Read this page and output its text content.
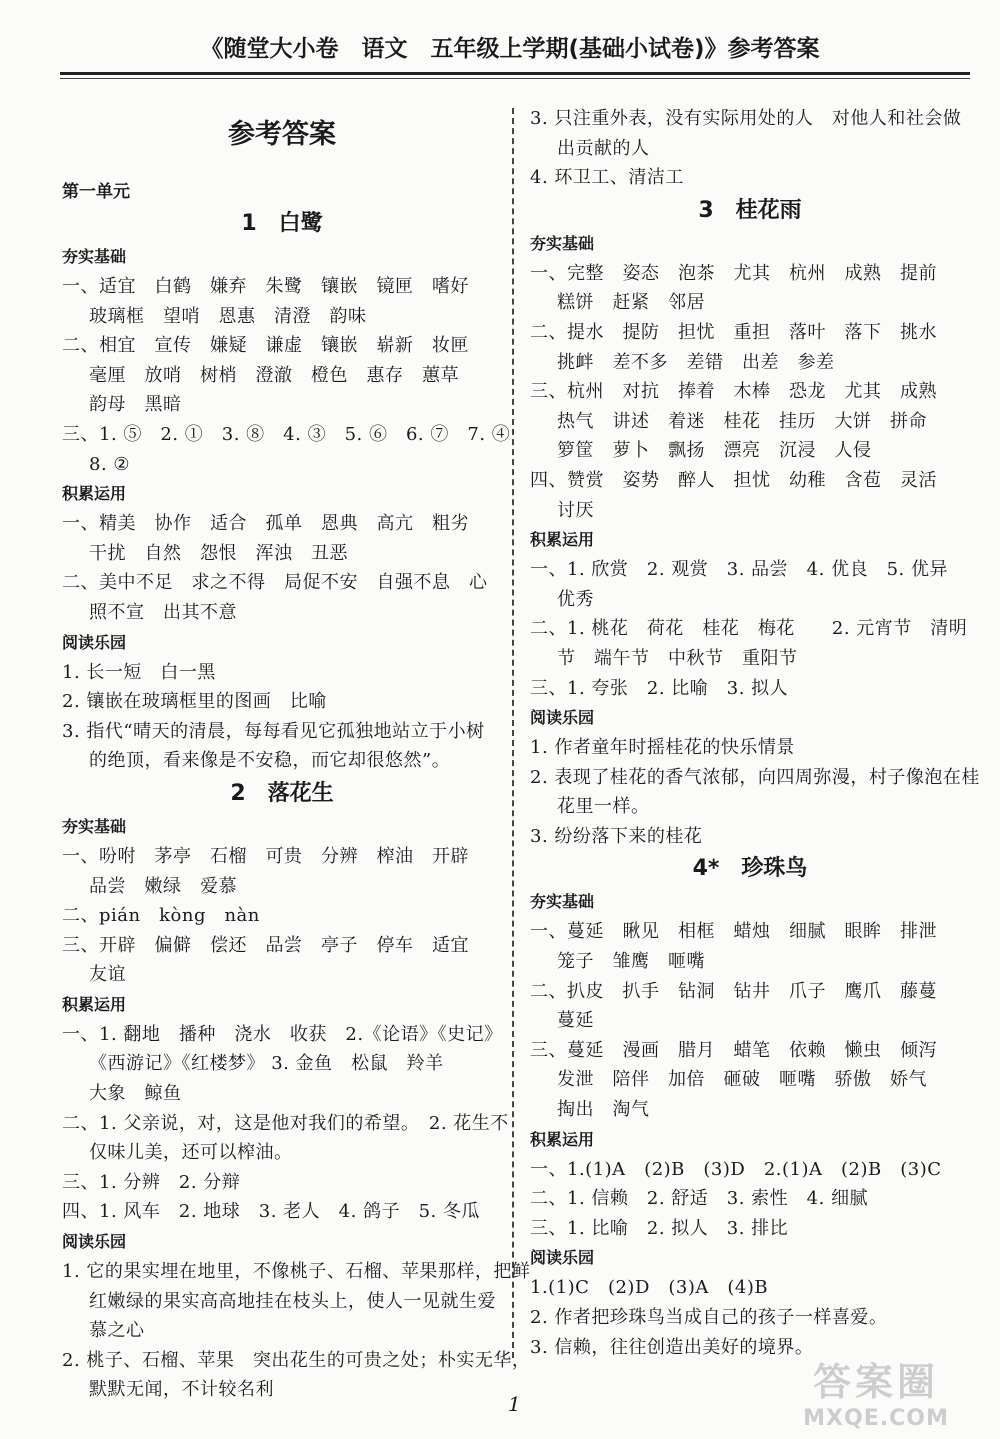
《随堂大小卷　语文　五年级上学期(基础小试卷)》参考答案
参考答案
第一单元
1　白鹭
夯实基础
一、适宜　白鹤　嫌弃　朱鹭　镶嵌　镜匣　嗜好
玻璃框　望哨　恩惠　清澄　韵味
二、相宜　宣传　嫌疑　谦虚　镶嵌　崭新　妆匣
毫厘　放哨　树梢　澄澈　橙色　惠存　蕙草
韵母　黑暗
三、1. ⑤　2. ①　3. ⑧　4. ③　5. ⑥　6. ⑦　7. ④
8. ②
积累运用
一、精美　协作　适合　孤单　恩典　高亢　粗劣
干扰　自然　怨恨　浑浊　丑恶
二、美中不足　求之不得　局促不安　自强不息　心
照不宣　出其不意
阅读乐园
1. 长一短　白一黑
2. 镶嵌在玻璃框里的图画　比喻
3. 指代“晴天的清晨，每每看见它孤独地站立于小树
的绝顶，看来像是不安稳，而它却很悠然”。
2　落花生
夯实基础
一、吩咐　茅亭　石榴　可贵　分辨　榨油　开辟
品尝　嫩绿　爱慕
二、pián　kòng　nàn
三、开辟　偏僻　偿还　品尝　亭子　停车　适宜
友谊
积累运用
一、1. 翻地　播种　浇水　收获　2.《论语》《史记》
《西游记》《红楼梦》 3. 金鱼　松鼠　羚羊
大象　鲸鱼
二、1. 父亲说，对，这是他对我们的希望。　2. 花生不
仅味儿美，还可以榨油。
三、1. 分辨　2. 分辩
四、1. 风车　2. 地球　3. 老人　4. 鸽子　5. 冬瓜
阅读乐园
1. 它的果实埋在地里，不像桃子、石榴、苹果那样，把鲜
红嫩绿的果实高高地挂在枝头上，使人一见就生爱
慕之心
2. 桃子、石榴、苹果　突出花生的可贵之处；朴实无华，
默默无闻，不计较名利
3. 只注重外表，没有实际用处的人　对他人和社会做
出贡献的人
4. 环卫工、清洁工
3　桂花雨
夯实基础
一、完整　姿态　泡茶　尤其　杭州　成熟　提前
糕饼　赶紧　邻居
二、提水　提防　担忧　重担　落叶　落下　挑水
挑衅　差不多　差错　出差　参差
三、杭州　对抗　捧着　木棒　恐龙　尤其　成熟
热气　讲述　着迷　桂花　挂历　大饼　拼命
箩筐　萝卜　飘扬　漂亮　沉浸　人侵
四、赞赏　姿势　醉人　担忧　幼稚　含苞　灵活
讨厌
积累运用
一、1. 欣赏　2. 观赏　3. 品尝　4. 优良　5. 优异
优秀
二、1. 桃花　荷花　桂花　梅花　　2. 元宵节　清明
节　端午节　中秋节　重阳节
三、1. 夸张　2. 比喻　3. 拟人
阅读乐园
1. 作者童年时摇桂花的快乐情景
2. 表现了桂花的香气浓郁，向四周弥漫，村子像泡在桂
花里一样。
3. 纷纷落下来的桂花
4*　珍珠鸟
夯实基础
一、蔓延　瞅见　相框　蜡烛　细腻　眼眸　排泄
笼子　雏鹰　咂嘴
二、扒皮　扒手　钻洞　钻井　爪子　鹰爪　藤蔓
蔓延
三、蔓延　漫画　腊月　蜡笔　依赖　懒虫　倾泻
发泄　陪伴　加倍　砸破　咂嘴　骄傲　娇气
掏出　淘气
积累运用
一、1.(1)A　(2)B　(3)D　2.(1)A　(2)B　(3)C
二、1. 信赖　2. 舒适　3. 索性　4. 细腻
三、1. 比喻　2. 拟人　3. 排比
阅读乐园
1.(1)C　(2)D　(3)A　(4)B
2. 作者把珍珠鸟当成自己的孩子一样喜爱。
3. 信赖，往往创造出美好的境界。
1	答案圈
MXQE.COM
